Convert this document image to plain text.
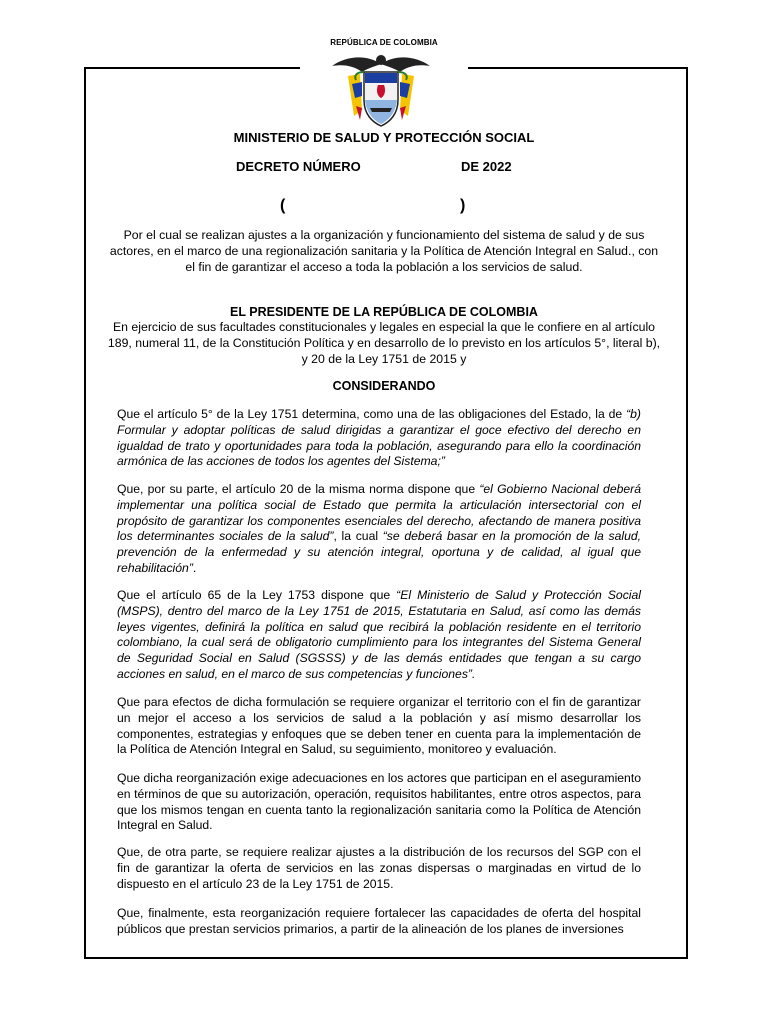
REPÚBLICA DE COLOMBIA
MINISTERIO DE SALUD Y PROTECCIÓN SOCIAL
DECRETO NÚMERO	DE 2022
(	)
Por el cual se realizan ajustes a la organización y funcionamiento del sistema de salud y de sus actores, en el marco de una regionalización sanitaria y la Política de Atención Integral en Salud., con el fin de garantizar el acceso a toda la población a los servicios de salud.
EL PRESIDENTE DE LA REPÚBLICA DE COLOMBIA
En ejercicio de sus facultades constitucionales y legales en especial la que le confiere en al artículo 189, numeral 11, de la Constitución Política y en desarrollo de lo previsto en los artículos 5°, literal b), y 20 de la Ley 1751 de 2015 y
CONSIDERANDO
Que el artículo 5° de la Ley 1751 determina, como una de las obligaciones del Estado, la de “b) Formular y adoptar políticas de salud dirigidas a garantizar el goce efectivo del derecho en igualdad de trato y oportunidades para toda la población, asegurando para ello la coordinación armónica de las acciones de todos los agentes del Sistema;”
Que, por su parte, el artículo 20 de la misma norma dispone que “el Gobierno Nacional deberá implementar una política social de Estado que permita la articulación intersectorial con el propósito de garantizar los componentes esenciales del derecho, afectando de manera positiva los determinantes sociales de la salud”, la cual “se deberá basar en la promoción de la salud, prevención de la enfermedad y su atención integral, oportuna y de calidad, al igual que rehabilitación”.
Que el artículo 65 de la Ley 1753 dispone que “El Ministerio de Salud y Protección Social (MSPS), dentro del marco de la Ley 1751 de 2015, Estatutaria en Salud, así como las demás leyes vigentes, definirá la política en salud que recibirá la población residente en el territorio colombiano, la cual será de obligatorio cumplimiento para los integrantes del Sistema General de Seguridad Social en Salud (SGSSS) y de las demás entidades que tengan a su cargo acciones en salud, en el marco de sus competencias y funciones”.
Que para efectos de dicha formulación se requiere organizar el territorio con el fin de garantizar un mejor el acceso a los servicios de salud a la población y así mismo desarrollar los componentes, estrategias y enfoques que se deben tener en cuenta para la implementación de la Política de Atención Integral en Salud, su seguimiento, monitoreo y evaluación.
Que dicha reorganización exige adecuaciones en los actores que participan en el aseguramiento en términos de que su autorización, operación, requisitos habilitantes, entre otros aspectos, para que los mismos tengan en cuenta tanto la regionalización sanitaria como la Política de Atención Integral en Salud.
Que, de otra parte, se requiere realizar ajustes a la distribución de los recursos del SGP con el fin de garantizar la oferta de servicios en las zonas dispersas o marginadas en virtud de lo dispuesto en el artículo 23 de la Ley 1751 de 2015.
Que, finalmente, esta reorganización requiere fortalecer las capacidades de oferta del hospital públicos que prestan servicios primarios, a partir de la alineación de los planes de inversiones
